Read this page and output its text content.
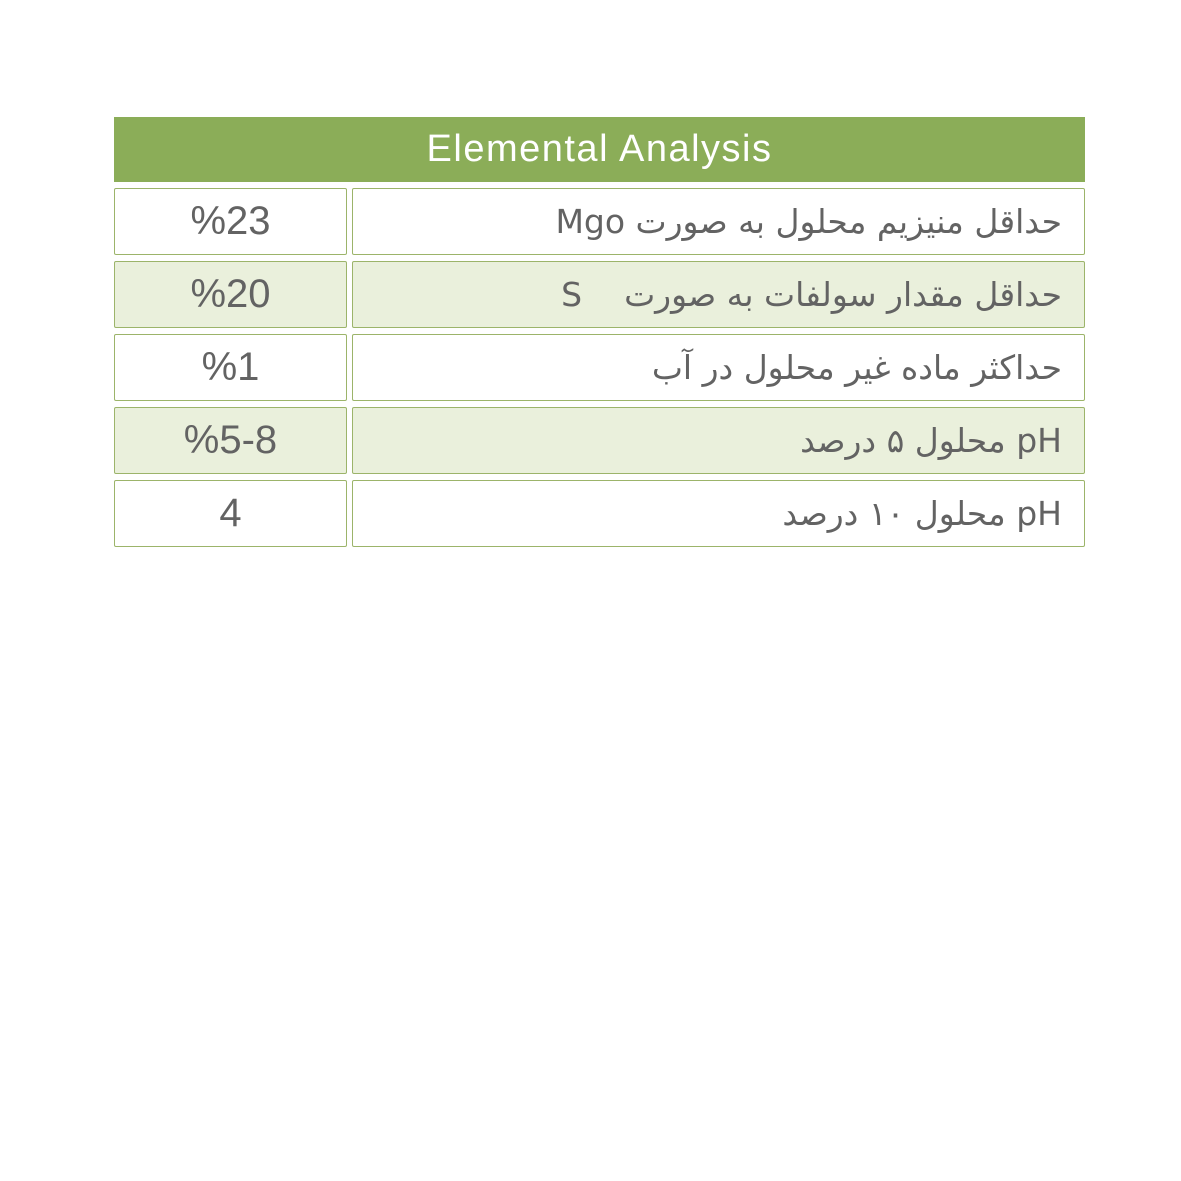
Elemental Analysis
%23	حداقل منیزیم محلول به صورت Mgo
%20	حداقل مقدار سولفات به صورت    S
%1	حداکثر ماده غیر محلول در آب
%5-8	pH محلول ۵ درصد
4	pH محلول ۱۰ درصد
